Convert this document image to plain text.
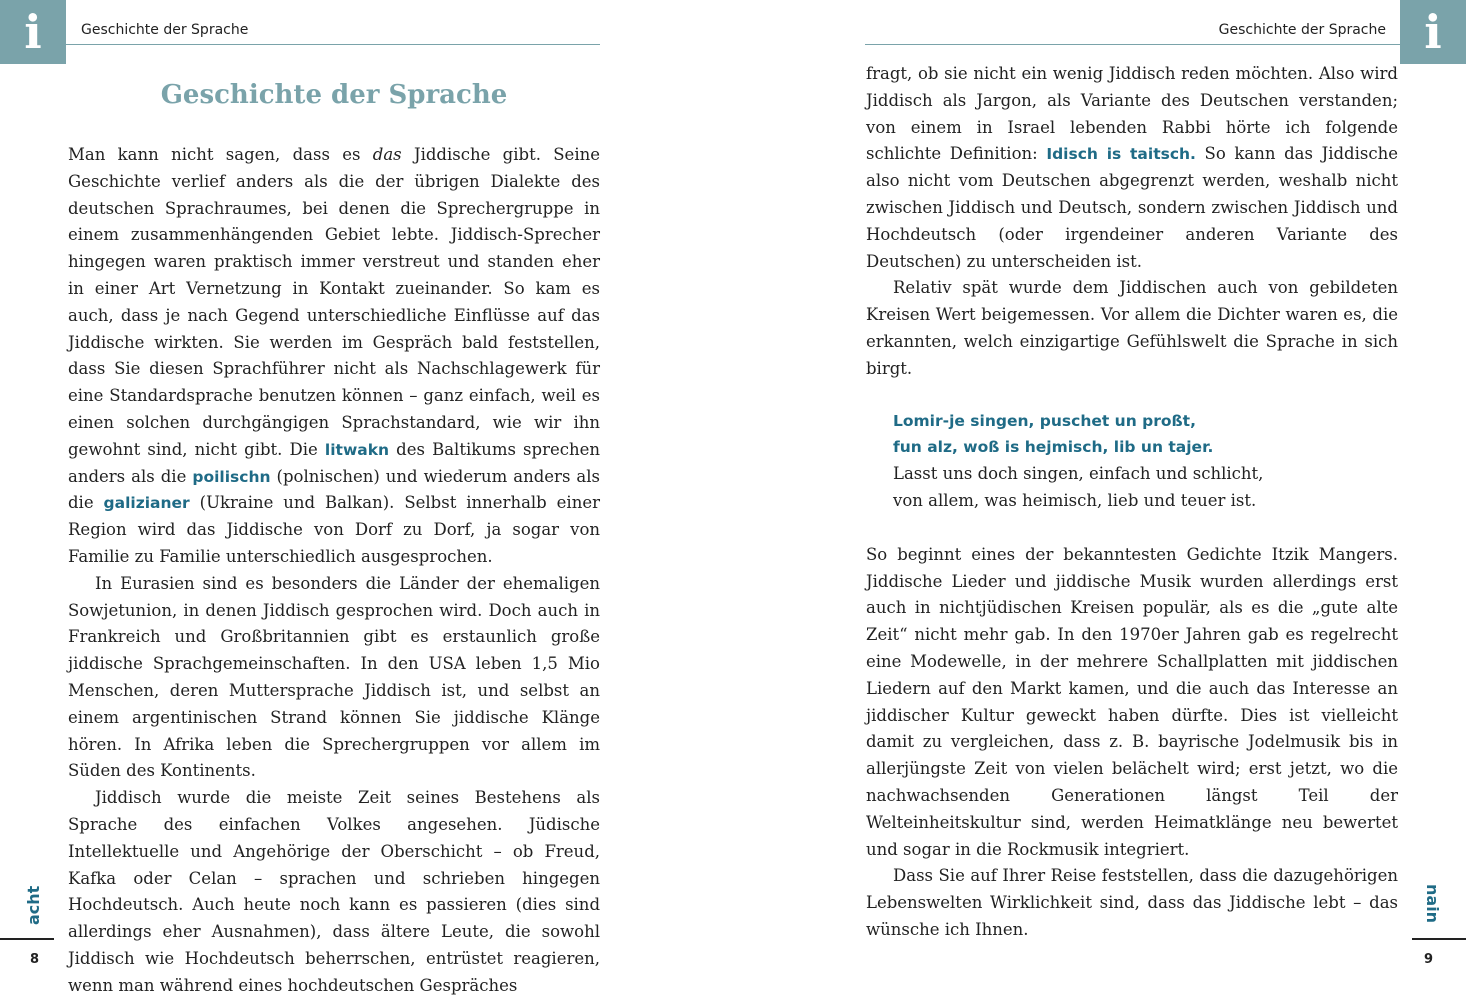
i	Geschichte der Sprache	i
Geschichte der Sprache
Geschichte der Sprache

Man kann nicht sagen, dass es das Jiddische gibt. Seine Geschichte verlief anders als die der übrigen Dialekte des deutschen Sprachraumes, bei denen die Sprechergruppe in einem zusammenhängenden Gebiet lebte. Jiddisch-Sprecher hingegen waren praktisch immer verstreut und standen eher in einer Art Vernetzung in Kontakt zueinander. So kam es auch, dass je nach Gegend unterschiedliche Einflüsse auf das Jiddische wirkten. Sie werden im Gespräch bald feststellen, dass Sie diesen Sprachführer nicht als Nachschlagewerk für eine Standardsprache benutzen können – ganz einfach, weil es einen solchen durchgängigen Sprachstandard, wie wir ihn gewohnt sind, nicht gibt. Die litwakn des Baltikums sprechen anders als die poilischn (polnischen) und wiederum anders als die galizianer (Ukraine und Balkan). Selbst innerhalb einer Region wird das Jiddische von Dorf zu Dorf, ja sogar von Familie zu Familie unterschiedlich ausgesprochen.

In Eurasien sind es besonders die Länder der ehemaligen Sowjetunion, in denen Jiddisch gesprochen wird. Doch auch in Frankreich und Großbritannien gibt es erstaunlich große jiddische Sprachgemeinschaften. In den USA leben 1,5 Mio Menschen, deren Muttersprache Jiddisch ist, und selbst an einem argentinischen Strand können Sie jiddische Klänge hören. In Afrika leben die Sprechergruppen vor allem im Süden des Kontinents.

Jiddisch wurde die meiste Zeit seines Bestehens als Sprache des einfachen Volkes angesehen. Jüdische Intellektuelle und Angehörige der Oberschicht – ob Freud, Kafka oder Celan – sprachen und schrieben hingegen Hochdeutsch. Auch heute noch kann es passieren (dies sind allerdings eher Ausnahmen), dass ältere Leute, die sowohl Jiddisch wie Hochdeutsch beherrschen, entrüstet reagieren, wenn man während eines hochdeutschen Gespräches

acht
8

fragt, ob sie nicht ein wenig Jiddisch reden möchten. Also wird Jiddisch als Jargon, als Variante des Deutschen verstanden; von einem in Israel lebenden Rabbi hörte ich folgende schlichte Definition: Idisch is taitsch. So kann das Jiddische also nicht vom Deutschen abgegrenzt werden, weshalb nicht zwischen Jiddisch und Deutsch, sondern zwischen Jiddisch und Hochdeutsch (oder irgendeiner anderen Variante des Deutschen) zu unterscheiden ist.

Relativ spät wurde dem Jiddischen auch von gebildeten Kreisen Wert beigemessen. Vor allem die Dichter waren es, die erkannten, welch einzigartige Gefühlswelt die Sprache in sich birgt.

Lomir-je singen, puschet un proßt,
fun alz, woß is hejmisch, lib un tajer.
Lasst uns doch singen, einfach und schlicht,
von allem, was heimisch, lieb und teuer ist.

So beginnt eines der bekanntesten Gedichte Itzik Mangers. Jiddische Lieder und jiddische Musik wurden allerdings erst auch in nichtjüdischen Kreisen populär, als es die „gute alte Zeit“ nicht mehr gab. In den 1970er Jahren gab es regelrecht eine Modewelle, in der mehrere Schallplatten mit jiddischen Liedern auf den Markt kamen, und die auch das Interesse an jiddischer Kultur geweckt haben dürfte. Dies ist vielleicht damit zu vergleichen, dass z. B. bayrische Jodelmusik bis in allerjüngste Zeit von vielen belächelt wird; erst jetzt, wo die nachwachsenden Generationen längst Teil der Welteinheitskultur sind, werden Heimatklänge neu bewertet und sogar in die Rockmusik integriert.

Dass Sie auf Ihrer Reise feststellen, dass die dazugehörigen Lebenswelten Wirklichkeit sind, dass das Jiddische lebt – das wünsche ich Ihnen.

nain
9
